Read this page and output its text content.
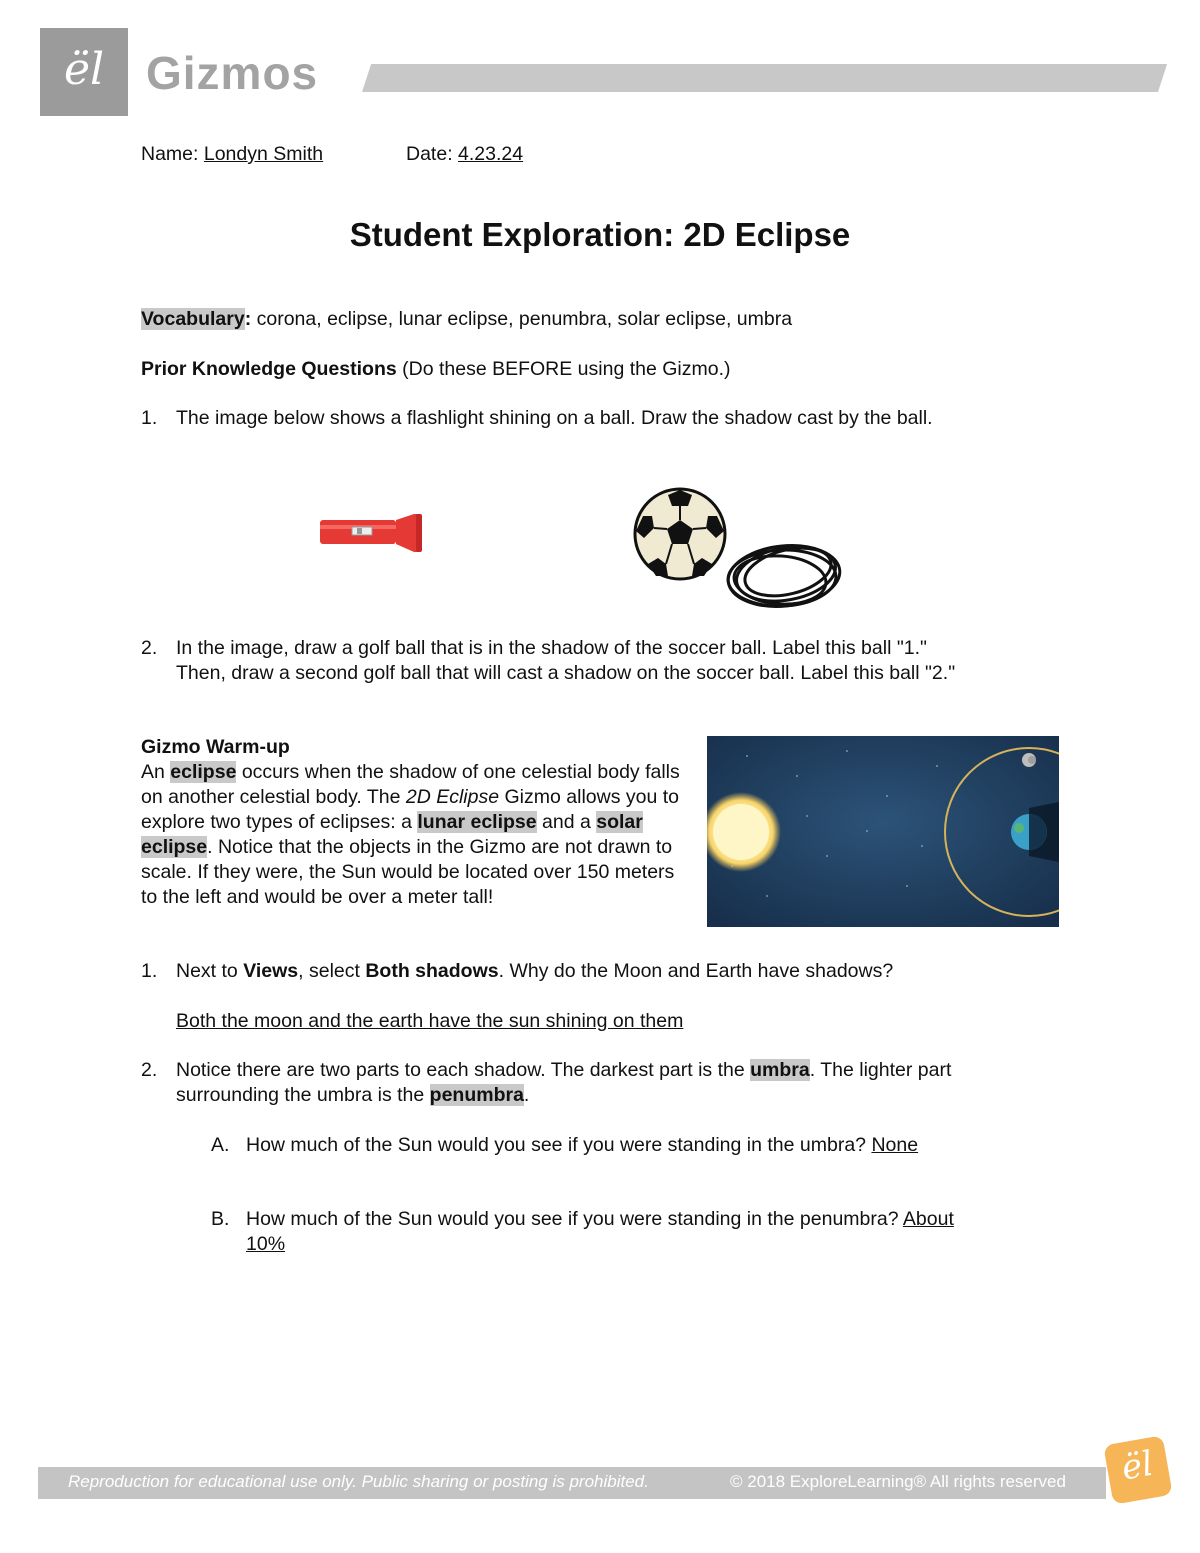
ël Gizmos
Name: Londyn Smith	Date: 4.23.24
Student Exploration: 2D Eclipse
Vocabulary: corona, eclipse, lunar eclipse, penumbra, solar eclipse, umbra
Prior Knowledge Questions (Do these BEFORE using the Gizmo.)
1. The image below shows a flashlight shining on a ball. Draw the shadow cast by the ball.
2. In the image, draw a golf ball that is in the shadow of the soccer ball. Label this ball "1."
Then, draw a second golf ball that will cast a shadow on the soccer ball. Label this ball "2."
Gizmo Warm-up
An eclipse occurs when the shadow of one celestial body falls on another celestial body. The 2D Eclipse Gizmo allows you to explore two types of eclipses: a lunar eclipse and a solar eclipse. Notice that the objects in the Gizmo are not drawn to scale. If they were, the Sun would be located over 150 meters to the left and would be over a meter tall!
1. Next to Views, select Both shadows. Why do the Moon and Earth have shadows?
Both the moon and the earth have the sun shining on them
2. Notice there are two parts to each shadow. The darkest part is the umbra. The lighter part
surrounding the umbra is the penumbra.
A. How much of the Sun would you see if you were standing in the umbra? None
B. How much of the Sun would you see if you were standing in the penumbra? About
10%
Reproduction for educational use only. Public sharing or posting is prohibited.	© 2018 ExploreLearning® All rights reserved	ël
